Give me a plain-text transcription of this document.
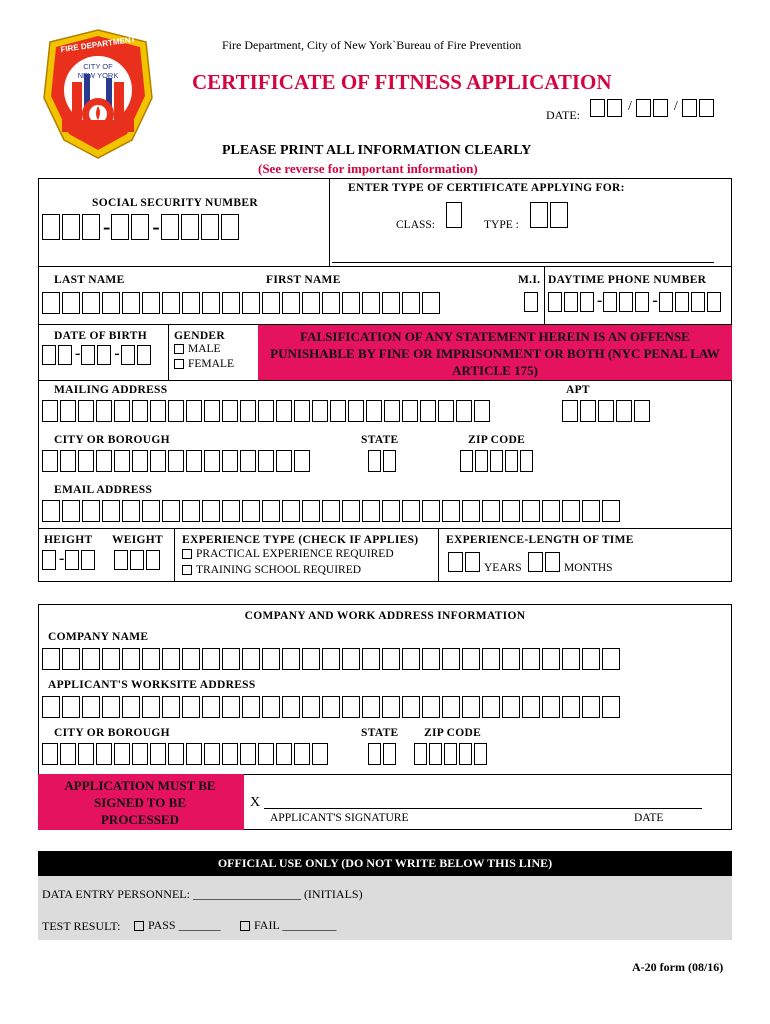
FIRE DEPARTMENT
CITY OF
NEW YORK
Fire Department, City of New York`Bureau of Fire Prevention
CERTIFICATE OF FITNESS APPLICATION
DATE:
/	/
PLEASE PRINT ALL INFORMATION CLEARLY
(See reverse for important information)
SOCIAL SECURITY NUMBER
- -
ENTER TYPE OF CERTIFICATE APPLYING FOR:
CLASS:	TYPE :
LAST NAME	FIRST NAME	M.I. DAYTIME PHONE NUMBER
-	-
DATE OF BIRTH
- -
GENDER
MALE
FEMALE
FALSIFICATION OF ANY STATEMENT HEREIN IS AN OFFENSE PUNISHABLE BY FINE OR IMPRISONMENT OR BOTH (NYC PENAL LAW ARTICLE 175)
MAILING ADDRESS	APT
CITY OR BOROUGH	STATE	ZIP CODE
EMAIL ADDRESS
HEIGHT WEIGHT
-
EXPERIENCE TYPE (CHECK IF APPLIES)
PRACTICAL EXPERIENCE REQUIRED
TRAINING SCHOOL REQUIRED
EXPERIENCE-LENGTH OF TIME
YEARS	MONTHS
COMPANY AND WORK ADDRESS INFORMATION
COMPANY NAME
APPLICANT'S WORKSITE ADDRESS
CITY OR BOROUGH	STATE ZIP CODE
APPLICATION MUST BE SIGNED TO BE PROCESSED
X
APPLICANT'S SIGNATURE	DATE
OFFICIAL USE ONLY (DO NOT WRITE BELOW THIS LINE)
DATA ENTRY PERSONNEL: __________________ (INITIALS)
TEST RESULT:	PASS _______	FAIL _________
A-20 form (08/16)
